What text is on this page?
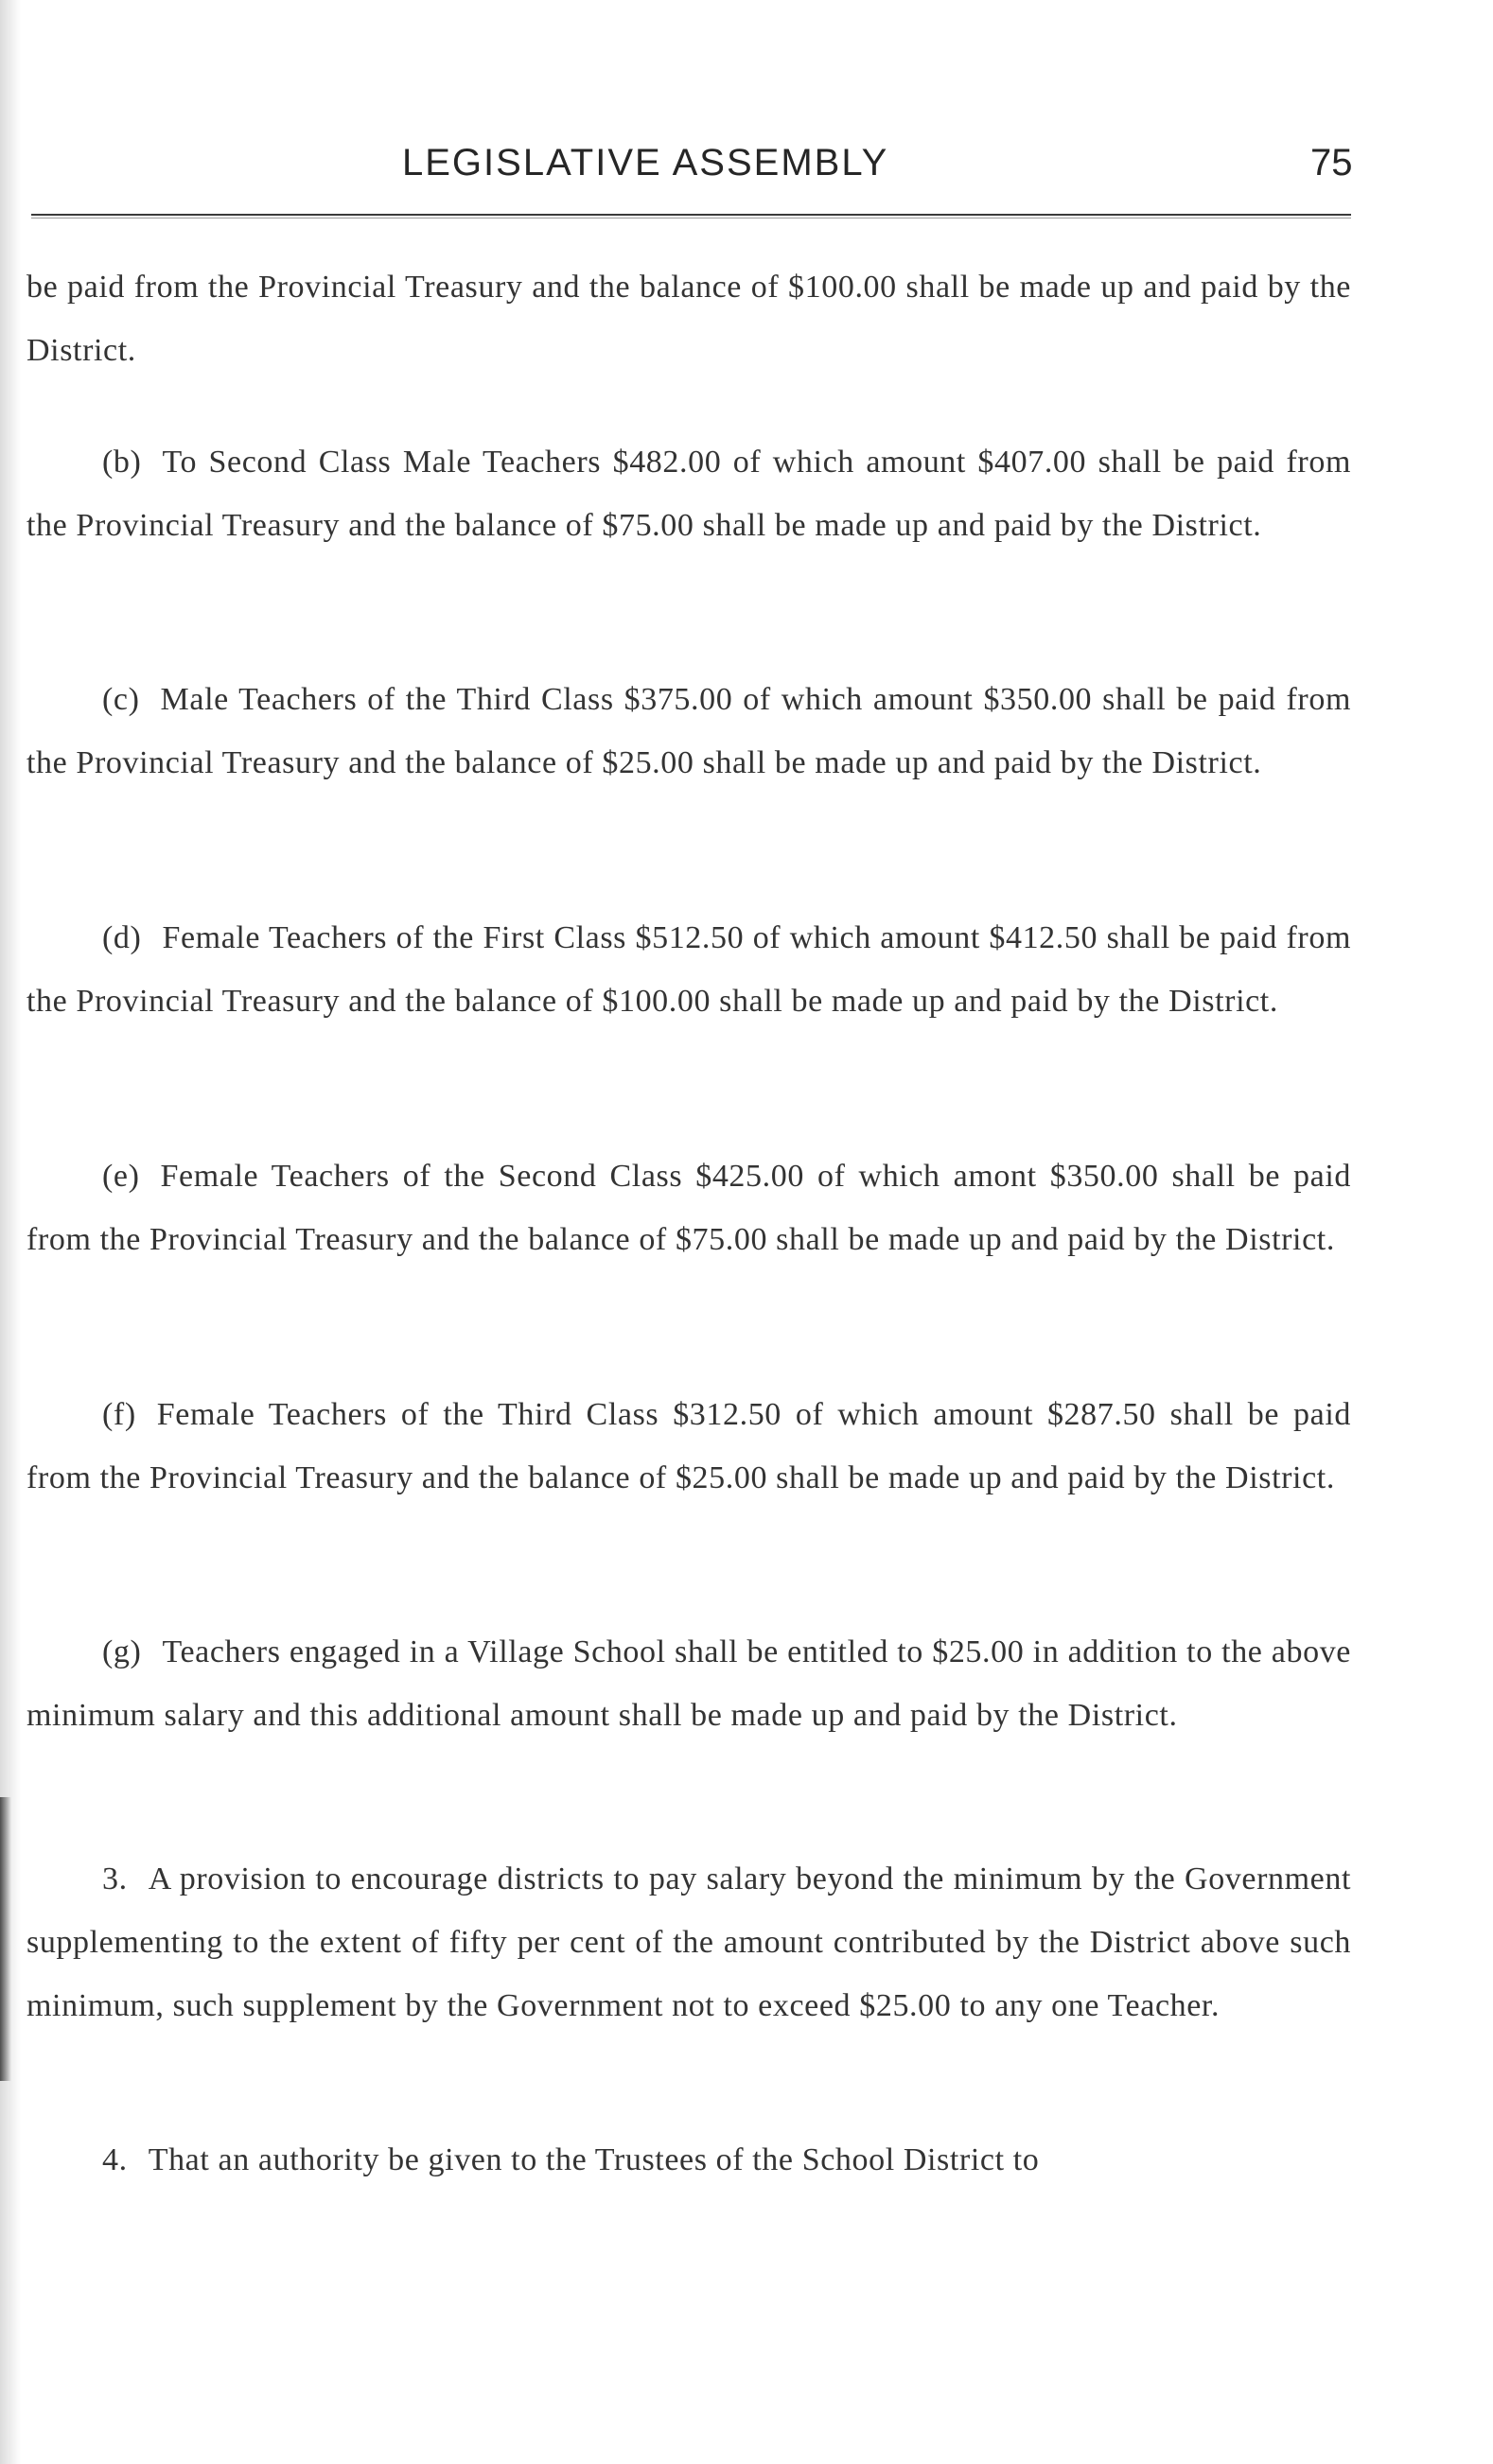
LEGISLATIVE ASSEMBLY	75

be paid from the Provincial Treasury and the balance of $100.00 shall be made up and paid by the District.

(b) To Second Class Male Teachers $482.00 of which amount $407.00 shall be paid from the Provincial Treasury and the balance of $75.00 shall be made up and paid by the District.

(c) Male Teachers of the Third Class $375.00 of which amount $350.00 shall be paid from the Provincial Treasury and the balance of $25.00 shall be made up and paid by the District.

(d) Female Teachers of the First Class $512.50 of which amount $412.50 shall be paid from the Provincial Treasury and the balance of $100.00 shall be made up and paid by the District.

(e) Female Teachers of the Second Class $425.00 of which amont $350.00 shall be paid from the Provincial Treasury and the balance of $75.00 shall be made up and paid by the District.

(f) Female Teachers of the Third Class $312.50 of which amount $287.50 shall be paid from the Provincial Treasury and the balance of $25.00 shall be made up and paid by the District.

(g) Teachers engaged in a Village School shall be entitled to $25.00 in addition to the above minimum salary and this additional amount shall be made up and paid by the District.

3. A provision to encourage districts to pay salary beyond the minimum by the Government supplementing to the extent of fifty per cent of the amount contributed by the District above such minimum, such supplement by the Government not to exceed $25.00 to any one Teacher.

4. That an authority be given to the Trustees of the School District to
